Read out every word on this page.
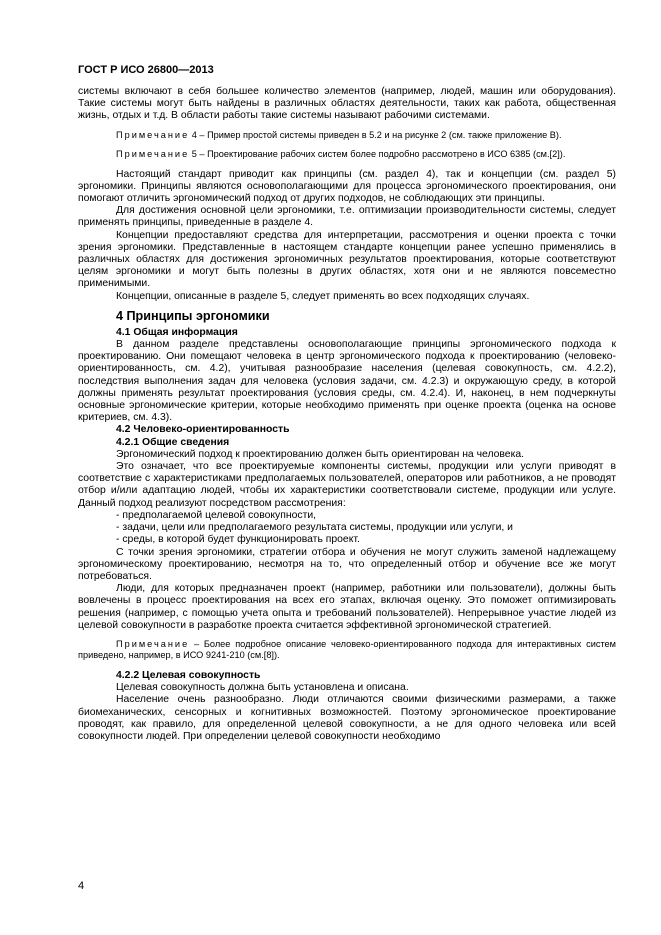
ГОСТ Р ИСО 26800—2013

системы включают в себя большее количество элементов (например, людей, машин или оборудования). Такие системы могут быть найдены в различных областях деятельности, таких как работа, общественная жизнь, отдых и т.д. В области работы такие системы называют рабочими системами.

Примечание 4 – Пример простой системы приведен в 5.2 и на рисунке 2 (см. также приложение В).

Примечание 5 – Проектирование рабочих систем более подробно рассмотрено в ИСО 6385 (см.[2]).

Настоящий стандарт приводит как принципы (см. раздел 4), так и концепции (см. раздел 5) эргономики. Принципы являются основополагающими для процесса эргономического проектирования, они помогают отличить эргономический подход от других подходов, не соблюдающих эти принципы.

Для достижения основной цели эргономики, т.е. оптимизации производительности системы, следует применять принципы, приведенные в разделе 4.

Концепции предоставляют средства для интерпретации, рассмотрения и оценки проекта с точки зрения эргономики. Представленные в настоящем стандарте концепции ранее успешно применялись в различных областях для достижения эргономичных результатов проектирования, которые соответствуют целям эргономики и могут быть полезны в других областях, хотя они и не являются повсеместно применимыми.

Концепции, описанные в разделе 5, следует применять во всех подходящих случаях.

4 Принципы эргономики
4.1 Общая информация

В данном разделе представлены основополагающие принципы эргономического подхода к проектированию. Они помещают человека в центр эргономического подхода к проектированию (человеко-ориентированность, см. 4.2), учитывая разнообразие населения (целевая совокупность, см. 4.2.2), последствия выполнения задач для человека (условия задачи, см. 4.2.3) и окружающую среду, в которой должны применять результат проектирования (условия среды, см. 4.2.4). И, наконец, в нем подчеркнуты основные эргономические критерии, которые необходимо применять при оценке проекта (оценка на основе критериев, см. 4.3).

4.2 Человеко-ориентированность
4.2.1 Общие сведения

Эргономический подход к проектированию должен быть ориентирован на человека.

Это означает, что все проектируемые компоненты системы, продукции или услуги приводят в соответствие с характеристиками предполагаемых пользователей, операторов или работников, а не проводят отбор и/или адаптацию людей, чтобы их характеристики соответствовали системе, продукции или услуге. Данный подход реализуют посредством рассмотрения:

- предполагаемой целевой совокупности,

- задачи, цели или предполагаемого результата системы, продукции или услуги, и

- среды, в которой будет функционировать проект.

С точки зрения эргономики, стратегии отбора и обучения не могут служить заменой надлежащему эргономическому проектированию, несмотря на то, что определенный отбор и обучение все же могут потребоваться.

Люди, для которых предназначен проект (например, работники или пользователи), должны быть вовлечены в процесс проектирования на всех его этапах, включая оценку. Это поможет оптимизировать решения (например, с помощью учета опыта и требований пользователей). Непрерывное участие людей из целевой совокупности в разработке проекта считается эффективной эргономической стратегией.

Примечание – Более подробное описание человеко-ориентированного подхода для интерактивных систем приведено, например, в ИСО 9241-210 (см.[8]).

4.2.2 Целевая совокупность

Целевая совокупность должна быть установлена и описана.

Население очень разнообразно. Люди отличаются своими физическими размерами, а также биомеханических, сенсорных и когнитивных возможностей. Поэтому эргономическое проектирование проводят, как правило, для определенной целевой совокупности, а не для одного человека или всей совокупности людей. При определении целевой совокупности необходимо

4
